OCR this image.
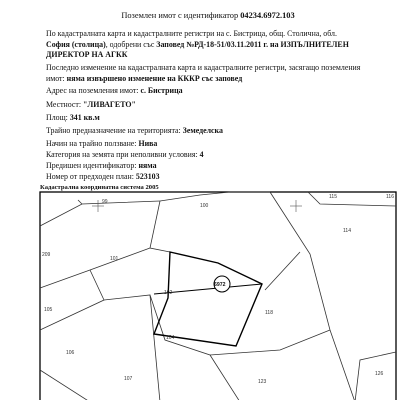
Поземлен имот с идентификатор 04234.6972.103
По кадастралната карта и кадастралните регистри на с. Бистрица, общ. Столична, обл.
София (столица), одобрени със Заповед №РД-18-51/03.11.2011 г. на ИЗПЪЛНИТЕЛЕН
ДИРЕКТОР НА АГКК
Последно изменение на кадастралната карта и кадастралните регистри, засягащо поземления
имот: няма извършено изменение на КККР със заповед
Адрес на поземления имот: с. Бистрица
Местност: "ЛИВАГЕТО"
Площ: 341 кв.м
Трайно предназначение на територията: Земеделска
Начин на трайно ползване: Нива
Категория на земята при неполивни условия: 4
Предишен идентификатор: няма
Номер от предходен план: 523103
Кадастрална координатна система 2005
99
100
115	116
114
209
101
6972
102
118
105
104
106
107	123
126
